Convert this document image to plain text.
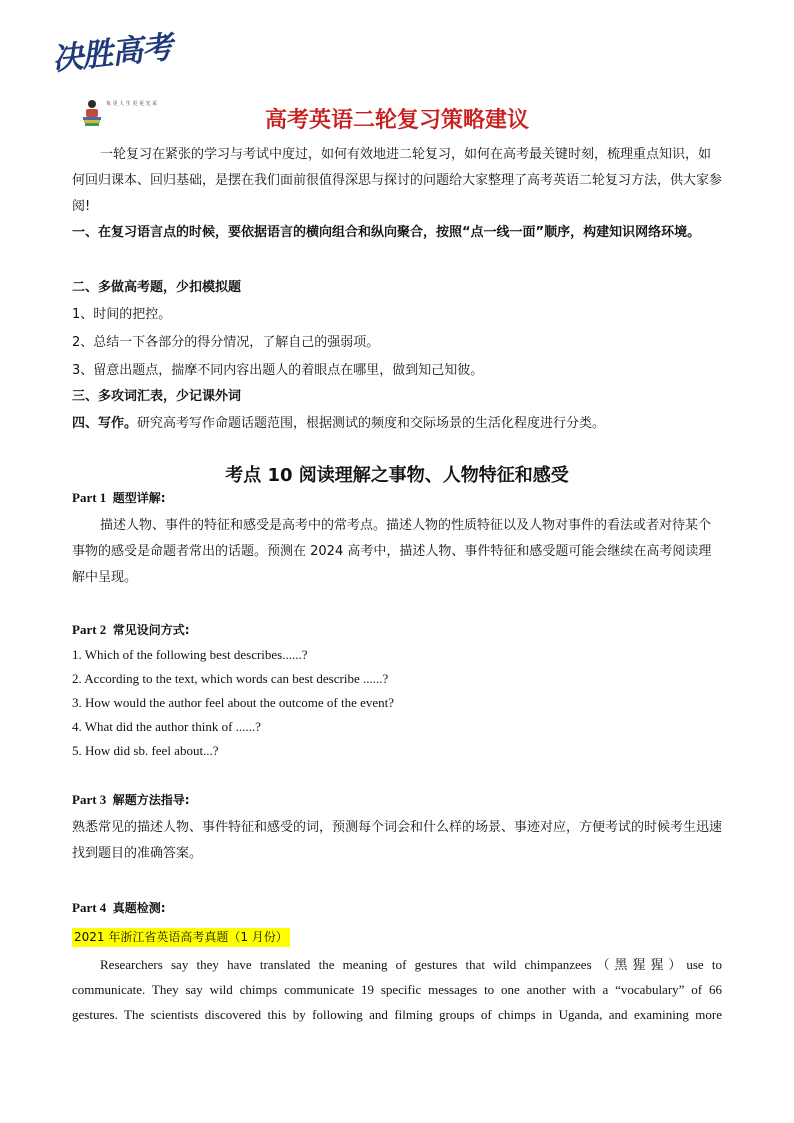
决胜高考
每 更 人 生 更 更 光 采
高考英语二轮复习策略建议

一轮复习在紧张的学习与考试中度过，如何有效地进二轮复习，如何在高考最关键时刻，梳理重点知识，如何回归课本、回归基础，是摆在我们面前很值得深思与探讨的问题给大家整理了高考英语二轮复习方法，供大家参阅!

一、在复习语言点的时候，要依据语言的横向组合和纵向聚合，按照“点一线一面”顺序，构建知识网络环境。

二、多做高考题，少扣模拟题

1、时间的把控。

2、总结一下各部分的得分情况，了解自己的强弱项。

3、留意出题点，揣摩不同内容出题人的着眼点在哪里，做到知己知彼。

三、多攻词汇表，少记课外词

四、写作。研究高考写作命题话题范围，根据测试的频度和交际场景的生活化程度进行分类。

考点 10 阅读理解之事物、人物特征和感受
Part 1 题型详解:

描述人物、事件的特征和感受是高考中的常考点。描述人物的性质特征以及人物对事件的看法或者对待某个事物的感受是命题者常出的话题。预测在 2024 高考中，描述人物、事件特征和感受题可能会继续在高考阅读理解中呈现。

Part 2 常见设问方式:

1. Which of the following best describes......?

2. According to the text, which words can best describe ......?

3. How would the author feel about the outcome of the event?

4. What did the author think of ......?

5. How did sb. feel about...?

Part 3 解题方法指导:

熟悉常见的描述人物、事件特征和感受的词，预测每个词会和什么样的场景、事迹对应，方便考试的时候考生迅速找到题目的准确答案。

Part 4 真题检测:
2021 年浙江省英语高考真题（1 月份）

Researchers say they have translated the meaning of gestures that wild chimpanzees（黑猩猩）use to
communicate. They say wild chimps communicate 19 specific messages to one another with a “vocabulary” of 66
gestures. The scientists discovered this by following and filming groups of chimps in Uganda, and examining more
